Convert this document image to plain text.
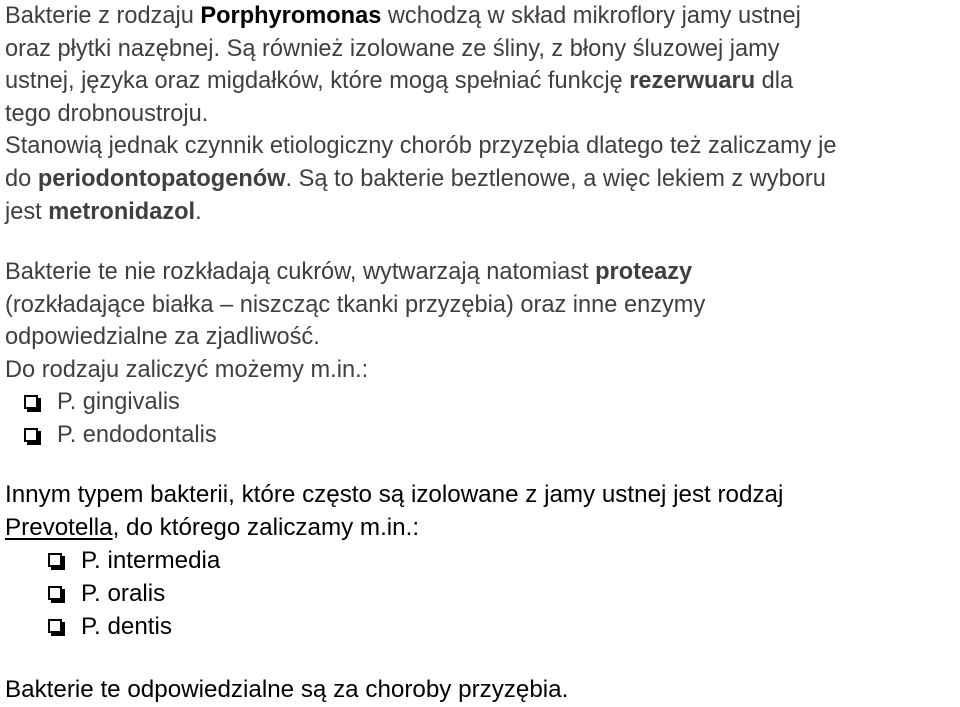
Bakterie z rodzaju Porphyromonas wchodzą w skład mikroflory jamy ustnej
oraz płytki nazębnej. Są również izolowane ze śliny, z błony śluzowej jamy
ustnej, języka oraz migdałków, które mogą spełniać funkcję rezerwuaru dla
tego drobnoustroju.
Stanowią jednak czynnik etiologiczny chorób przyzębia dlatego też zaliczamy je
do periodontopatogenów. Są to bakterie beztlenowe, a więc lekiem z wyboru
jest metronidazol.

Bakterie te nie rozkładają cukrów, wytwarzają natomiast proteazy
(rozkładające białka – niszcząc tkanki przyzębia) oraz inne enzymy
odpowiedzialne za zjadliwość.
Do rodzaju zaliczyć możemy m.in.:
P. gingivalis
P. endodontalis

Innym typem bakterii, które często są izolowane z jamy ustnej jest rodzaj
Prevotella, do którego zaliczamy m.in.:
P. intermedia
P. oralis
P. dentis

Bakterie te odpowiedzialne są za choroby przyzębia.
